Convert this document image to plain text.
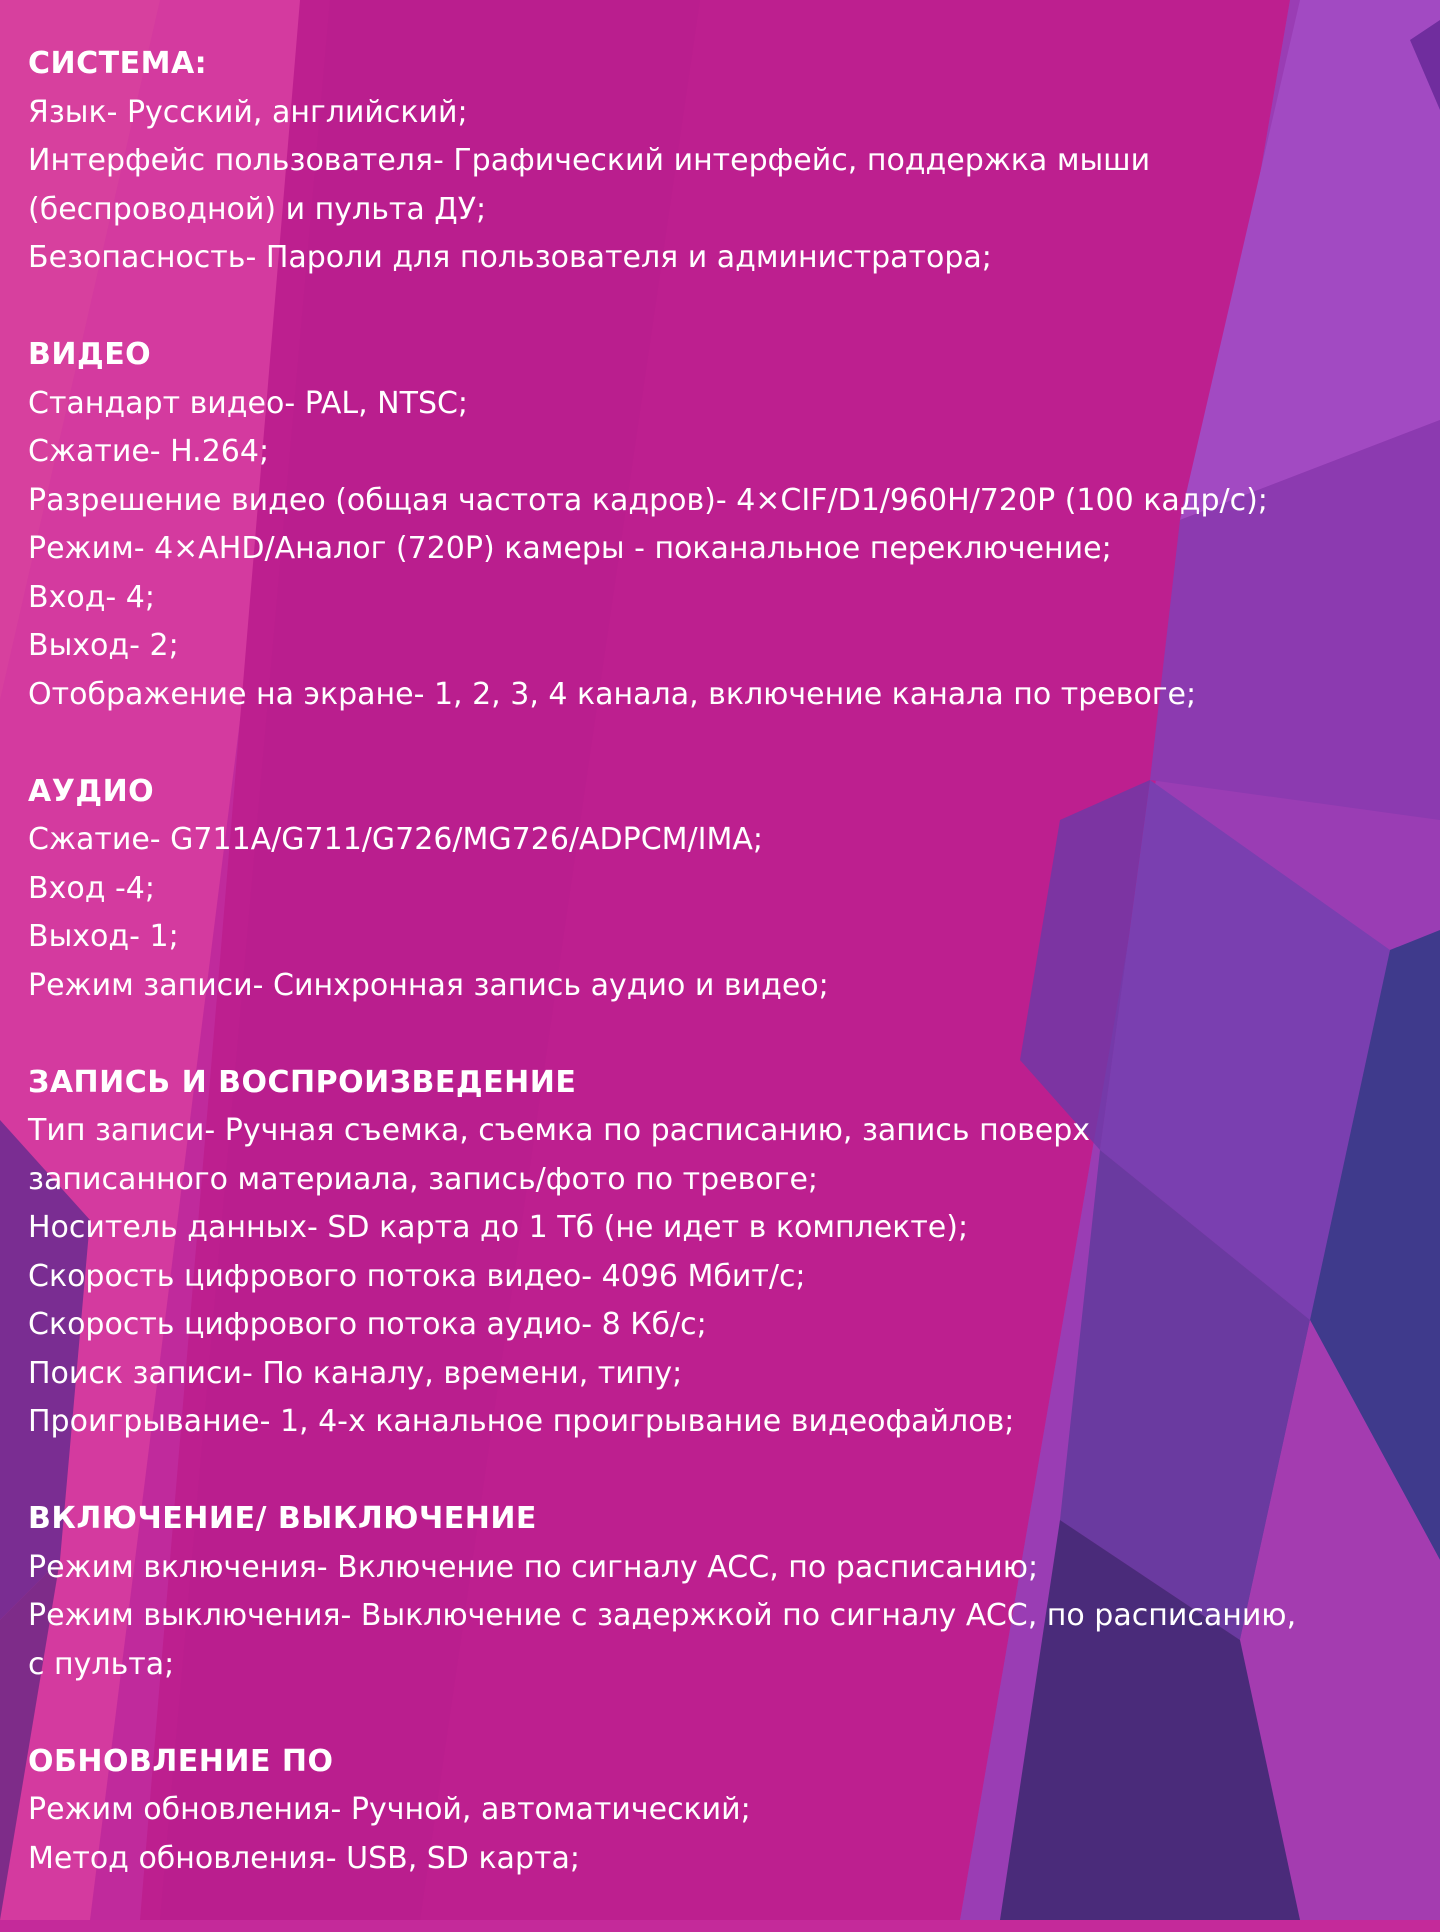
СИСТЕМА:

Язык- Русский, английский;

Интерфейс пользователя- Графический интерфейс, поддержка мыши

(беспроводной) и пульта ДУ;

Безопасность- Пароли для пользователя и администратора;

ВИДЕО

Стандарт видео- PAL, NTSC;

Сжатие- H.264;

Разрешение видео (общая частота кадров)- 4×CIF/D1/960H/720P (100 кадр/с);

Режим- 4×AHD/Аналог (720P) камеры - поканальное переключение;

Вход- 4;

Выход- 2;

Отображение на экране- 1, 2, 3, 4 канала, включение канала по тревоге;

АУДИО

Сжатие- G711A/G711/G726/MG726/ADPCM/IMA;

Вход -4;

Выход- 1;

Режим записи- Синхронная запись аудио и видео;

ЗАПИСЬ И ВОСПРОИЗВЕДЕНИЕ

Тип записи- Ручная съемка, съемка по расписанию, запись поверх

записанного материала, запись/фото по тревоге;

Носитель данных- SD карта до 1 Тб (не идет в комплекте);

Скорость цифрового потока видео- 4096 Мбит/с;

Скорость цифрового потока аудио- 8 Кб/с;

Поиск записи- По каналу, времени, типу;

Проигрывание- 1, 4-х канальное проигрывание видеофайлов;

ВКЛЮЧЕНИЕ/ ВЫКЛЮЧЕНИЕ

Режим включения- Включение по сигналу ACC, по расписанию;

Режим выключения- Выключение с задержкой по сигналу ACC, по расписанию,

с пульта;

ОБНОВЛЕНИЕ ПО

Режим обновления- Ручной, автоматический;

Метод обновления- USB, SD карта;
